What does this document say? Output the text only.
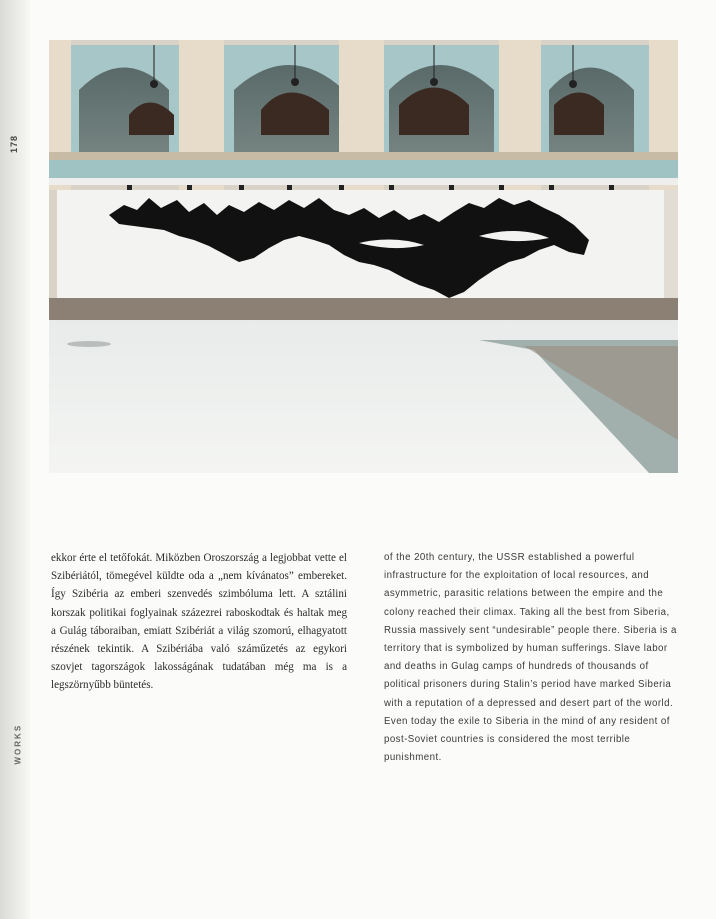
178
WORKS

ekkor érte el tetőfokát. Miközben Oroszország a legjobbat vette el Szibériától, tömegével küldte oda a „nem kívánatos” embereket. Így Szibéria az emberi szenvedés szimbóluma lett. A sztálini korszak politikai foglyainak százezrei raboskodtak és haltak meg a Gulág táboraiban, emiatt Szibériát a világ szomorú, elhagyatott részének tekintik. A Szibériába való száműzetés az egykori szovjet tagországok lakosságának tudatában még ma is a legszörnyűbb büntetés.

of the 20th century, the USSR established a powerful infrastructure for the exploitation of local resources, and asymmetric, parasitic relations between the empire and the colony reached their climax. Taking all the best from Siberia, Russia massively sent “undesirable” people there. Siberia is a territory that is symbolized by human sufferings. Slave labor and deaths in Gulag camps of hundreds of thousands of political prisoners during Stalin’s period have marked Siberia with a reputation of a depressed and desert part of the world. Even today the exile to Siberia in the mind of any resident of post-Soviet countries is considered the most terrible punishment.
